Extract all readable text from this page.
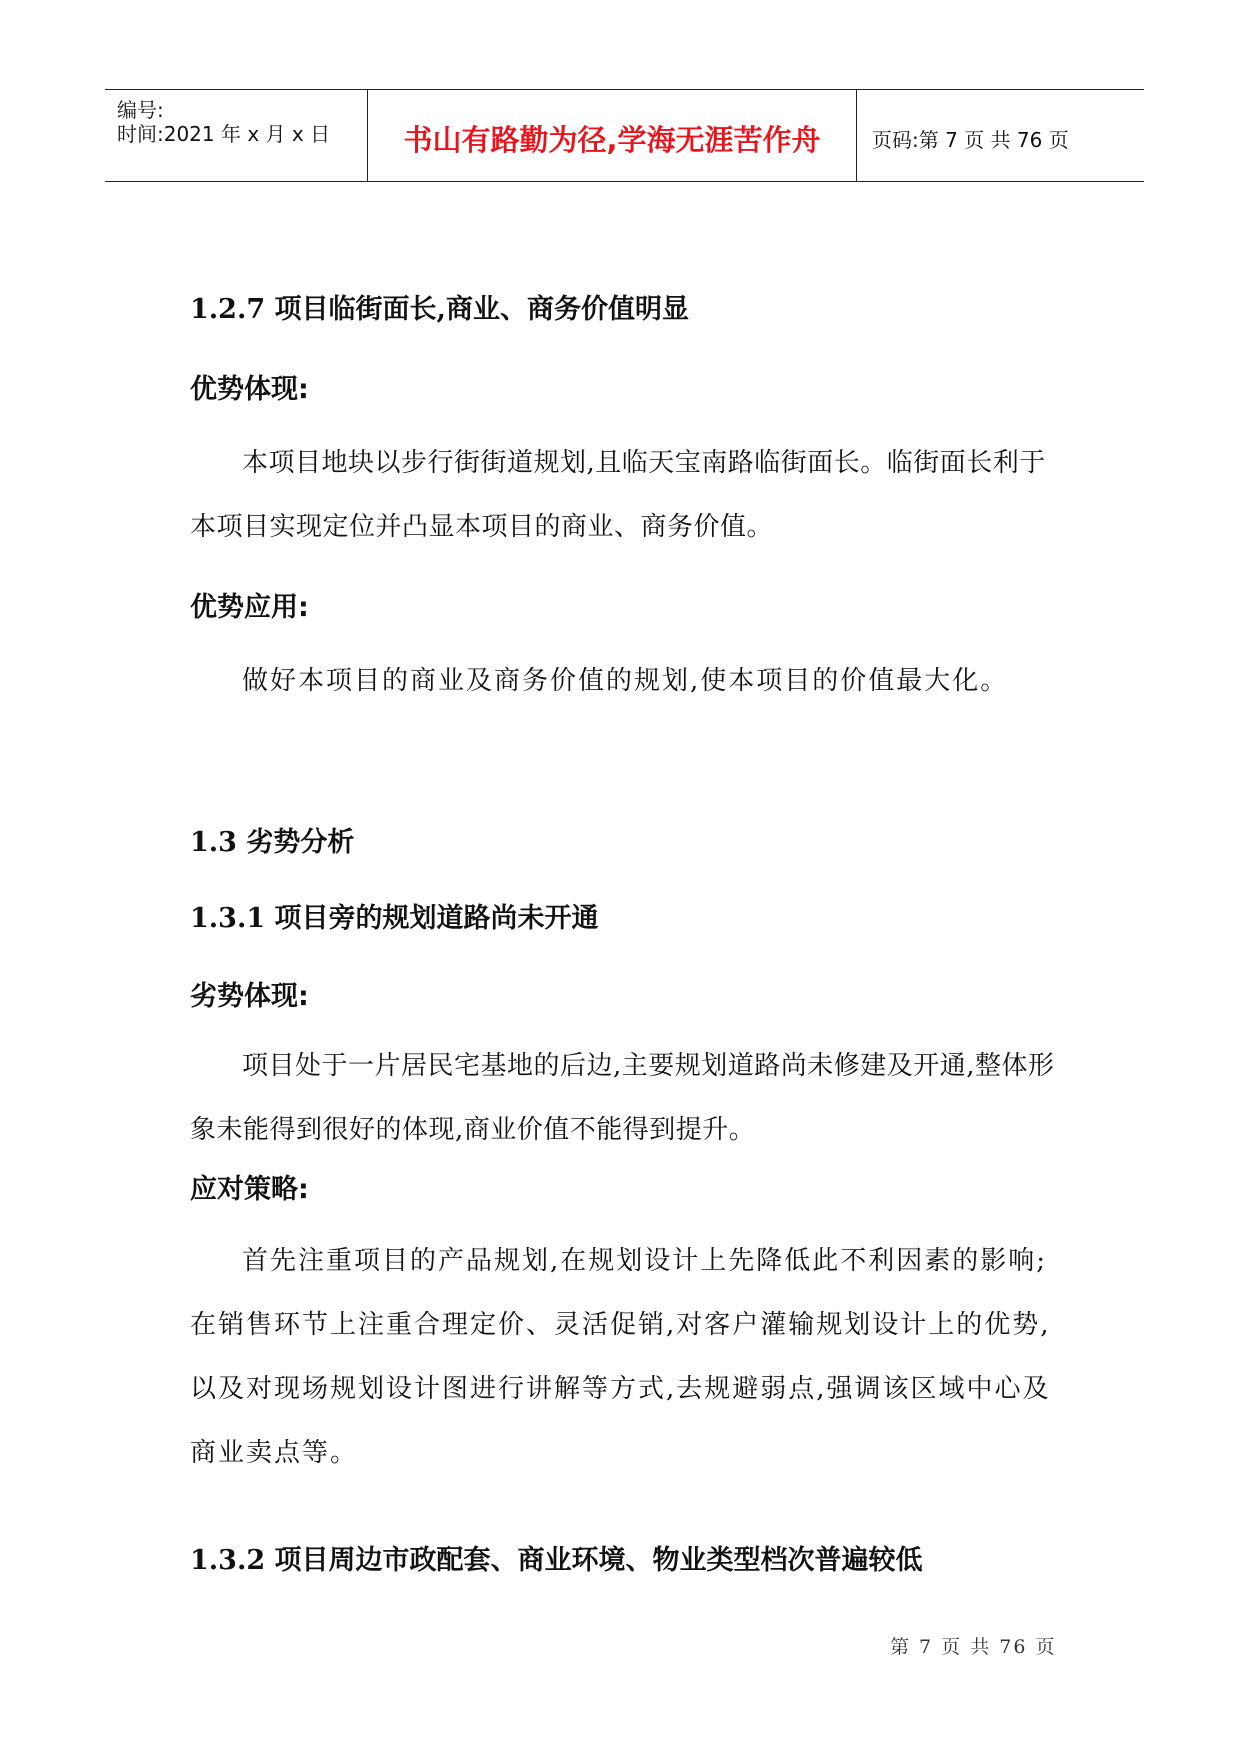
编号:
时间:2021 年 x 月 x 日	书山有路勤为径,学海无涯苦作舟	页码:第 7 页 共 76 页
1.2.7 项目临街面长,商业、商务价值明显
优势体现:

本项目地块以步行街街道规划,且临天宝南路临街面长。临街面长利于本项目实现定位并凸显本项目的商业、商务价值。

优势应用:

做好本项目的商业及商务价值的规划,使本项目的价值最大化。

1.3 劣势分析
1.3.1 项目旁的规划道路尚未开通
劣势体现:

项目处于一片居民宅基地的后边,主要规划道路尚未修建及开通,整体形象未能得到很好的体现,商业价值不能得到提升。

应对策略:

首先注重项目的产品规划,在规划设计上先降低此不利因素的影响;在销售环节上注重合理定价、灵活促销,对客户灌输规划设计上的优势,以及对现场规划设计图进行讲解等方式,去规避弱点,强调该区域中心及商业卖点等。

1.3.2 项目周边市政配套、商业环境、物业类型档次普遍较低
第 7 页 共 76 页
